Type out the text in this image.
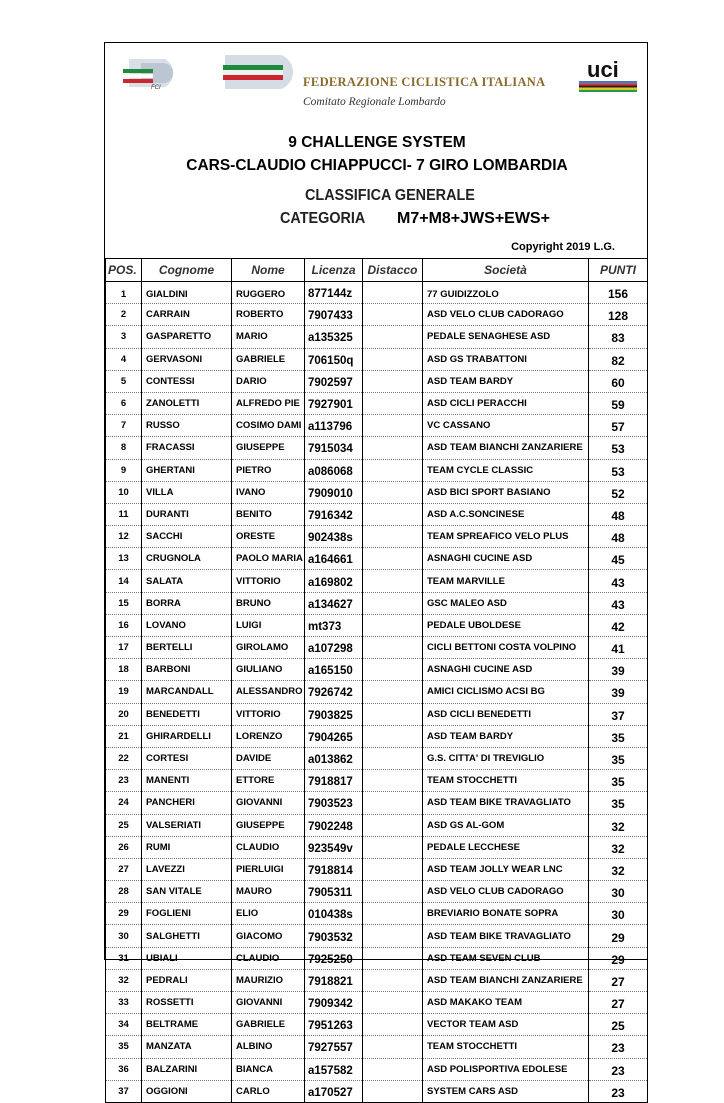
FCI	FEDERAZIONE CICLISTICA ITALIANA
Comitato Regionale Lombardo
uci
9 CHALLENGE SYSTEM
CARS-CLAUDIO CHIAPPUCCI- 7 GIRO LOMBARDIA
CLASSIFICA GENERALE
CATEGORIA M7+M8+JWS+EWS+
Copyright 2019 L.G.
POS.	Cognome	Nome	Licenza	Distacco	Società	PUNTI
1	GIALDINI	RUGGERO	877144z		77 GUIDIZZOLO	156
2	CARRAIN	ROBERTO	7907433		ASD VELO CLUB CADORAGO	128
3	GASPARETTO	MARIO	a135325		PEDALE SENAGHESE ASD	83
4	GERVASONI	GABRIELE	706150q		ASD GS TRABATTONI	82
5	CONTESSI	DARIO	7902597		ASD TEAM BARDY	60
6	ZANOLETTI	ALFREDO PIE	7927901		ASD CICLI PERACCHI	59
7	RUSSO	COSIMO DAMI	a113796		VC CASSANO	57
8	FRACASSI	GIUSEPPE	7915034		ASD TEAM BIANCHI ZANZARIERE	53
9	GHERTANI	PIETRO	a086068		TEAM CYCLE CLASSIC	53
10	VILLA	IVANO	7909010		ASD BICI SPORT BASIANO	52
11	DURANTI	BENITO	7916342		ASD A.C.SONCINESE	48
12	SACCHI	ORESTE	902438s		TEAM SPREAFICO VELO PLUS	48
13	CRUGNOLA	PAOLO MARIA	a164661		ASNAGHI CUCINE ASD	45
14	SALATA	VITTORIO	a169802		TEAM MARVILLE	43
15	BORRA	BRUNO	a134627		GSC MALEO ASD	43
16	LOVANO	LUIGI	mt373		PEDALE UBOLDESE	42
17	BERTELLI	GIROLAMO	a107298		CICLI BETTONI COSTA VOLPINO	41
18	BARBONI	GIULIANO	a165150		ASNAGHI CUCINE ASD	39
19	MARCANDALL	ALESSANDRO	7926742		AMICI CICLISMO ACSI BG	39
20	BENEDETTI	VITTORIO	7903825		ASD CICLI BENEDETTI	37
21	GHIRARDELLI	LORENZO	7904265		ASD TEAM BARDY	35
22	CORTESI	DAVIDE	a013862		G.S. CITTA' DI TREVIGLIO	35
23	MANENTI	ETTORE	7918817		TEAM STOCCHETTI	35
24	PANCHERI	GIOVANNI	7903523		ASD TEAM BIKE TRAVAGLIATO	35
25	VALSERIATI	GIUSEPPE	7902248		ASD GS AL-GOM	32
26	RUMI	CLAUDIO	923549v		PEDALE LECCHESE	32
27	LAVEZZI	PIERLUIGI	7918814		ASD TEAM JOLLY WEAR LNC	32
28	SAN VITALE	MAURO	7905311		ASD VELO CLUB CADORAGO	30
29	FOGLIENI	ELIO	010438s		BREVIARIO BONATE SOPRA	30
30	SALGHETTI	GIACOMO	7903532		ASD TEAM BIKE TRAVAGLIATO	29
31	UBIALI	CLAUDIO	7925250		ASD TEAM SEVEN CLUB	29
32	PEDRALI	MAURIZIO	7918821		ASD TEAM BIANCHI ZANZARIERE	27
33	ROSSETTI	GIOVANNI	7909342		ASD MAKAKO TEAM	27
34	BELTRAME	GABRIELE	7951263		VECTOR TEAM ASD	25
35	MANZATA	ALBINO	7927557		TEAM STOCCHETTI	23
36	BALZARINI	BIANCA	a157582		ASD POLISPORTIVA EDOLESE	23
37	OGGIONI	CARLO	a170527		SYSTEM CARS ASD	23
